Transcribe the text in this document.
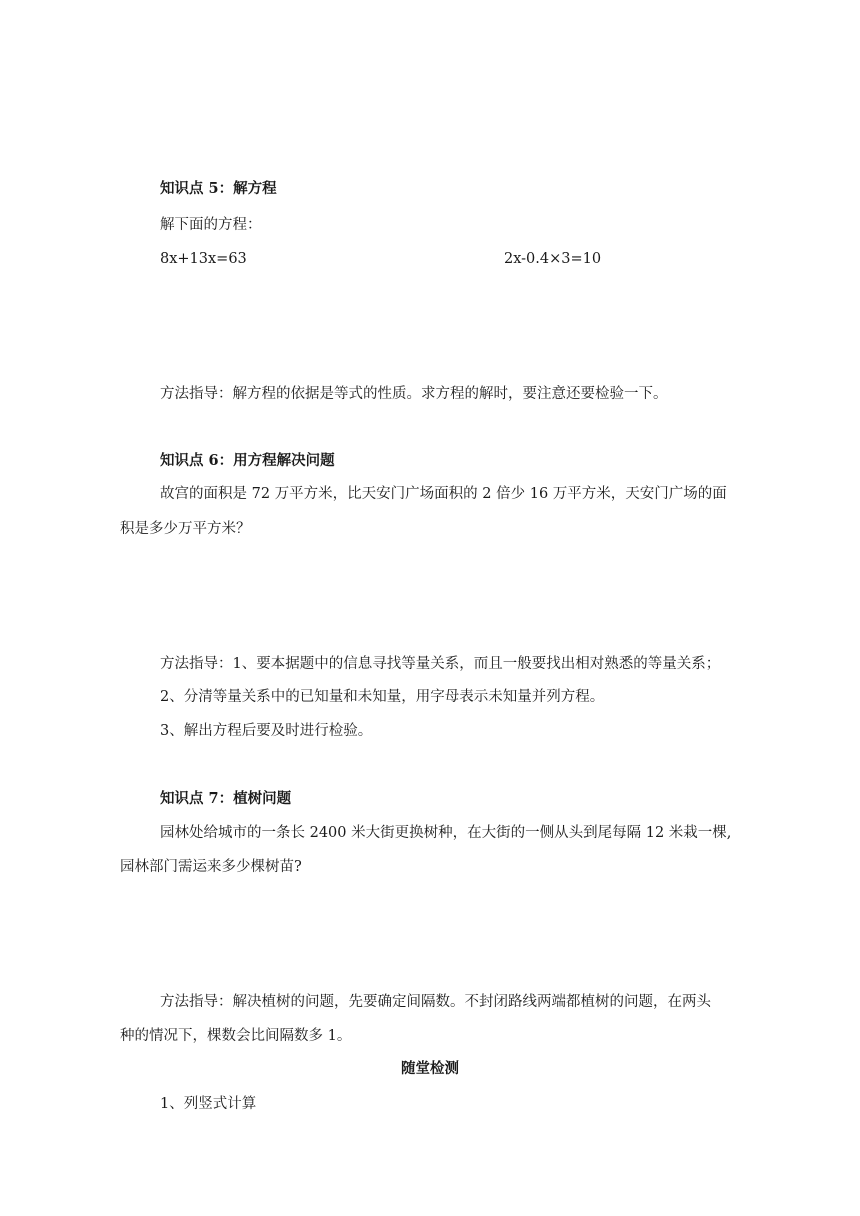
知识点 5：解方程
解下面的方程：
8x+13x=63	2x-0.4×3=10
方法指导：解方程的依据是等式的性质。求方程的解时，要注意还要检验一下。
知识点 6：用方程解决问题
故宫的面积是 72 万平方米，比天安门广场面积的 2 倍少 16 万平方米，天安门广场的面
积是多少万平方米？
方法指导：1、要本据题中的信息寻找等量关系，而且一般要找出相对熟悉的等量关系；
2、分清等量关系中的已知量和未知量，用字母表示未知量并列方程。
3、解出方程后要及时进行检验。
知识点 7：植树问题
园林处给城市的一条长 2400 米大街更换树种，在大街的一侧从头到尾每隔 12 米栽一棵,
园林部门需运来多少棵树苗?
方法指导：解决植树的问题，先要确定间隔数。不封闭路线两端都植树的问题，在两头
种的情况下，棵数会比间隔数多 1。
随堂检测
1、列竖式计算
